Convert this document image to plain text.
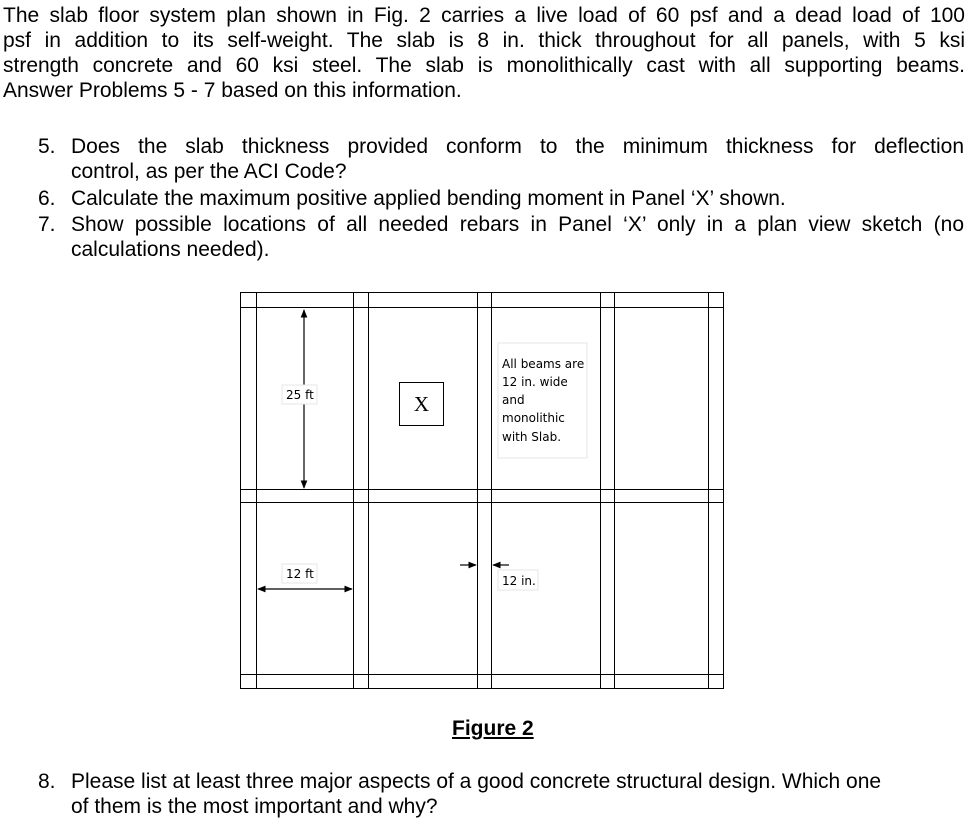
The slab floor system plan shown in Fig. 2 carries a live load of 60 psf and a dead load of 100
psf in addition to its self-weight. The slab is 8 in. thick throughout for all panels, with 5 ksi
strength concrete and 60 ksi steel. The slab is monolithically cast with all supporting beams.
Answer Problems 5 - 7 based on this information.

5. Does the slab thickness provided conform to the minimum thickness for deflection
control, as per the ACI Code?
6. Calculate the maximum positive applied bending moment in Panel ‘X’ shown.
7. Show possible locations of all needed rebars in Panel ‘X’ only in a plan view sketch (no
calculations needed).
25 ft
12 ft	12 in.
X
All beams are
12 in. wide
and
monolithic
with Slab.
Figure 2
8. Please list at least three major aspects of a good concrete structural design. Which one
of them is the most important and why?
